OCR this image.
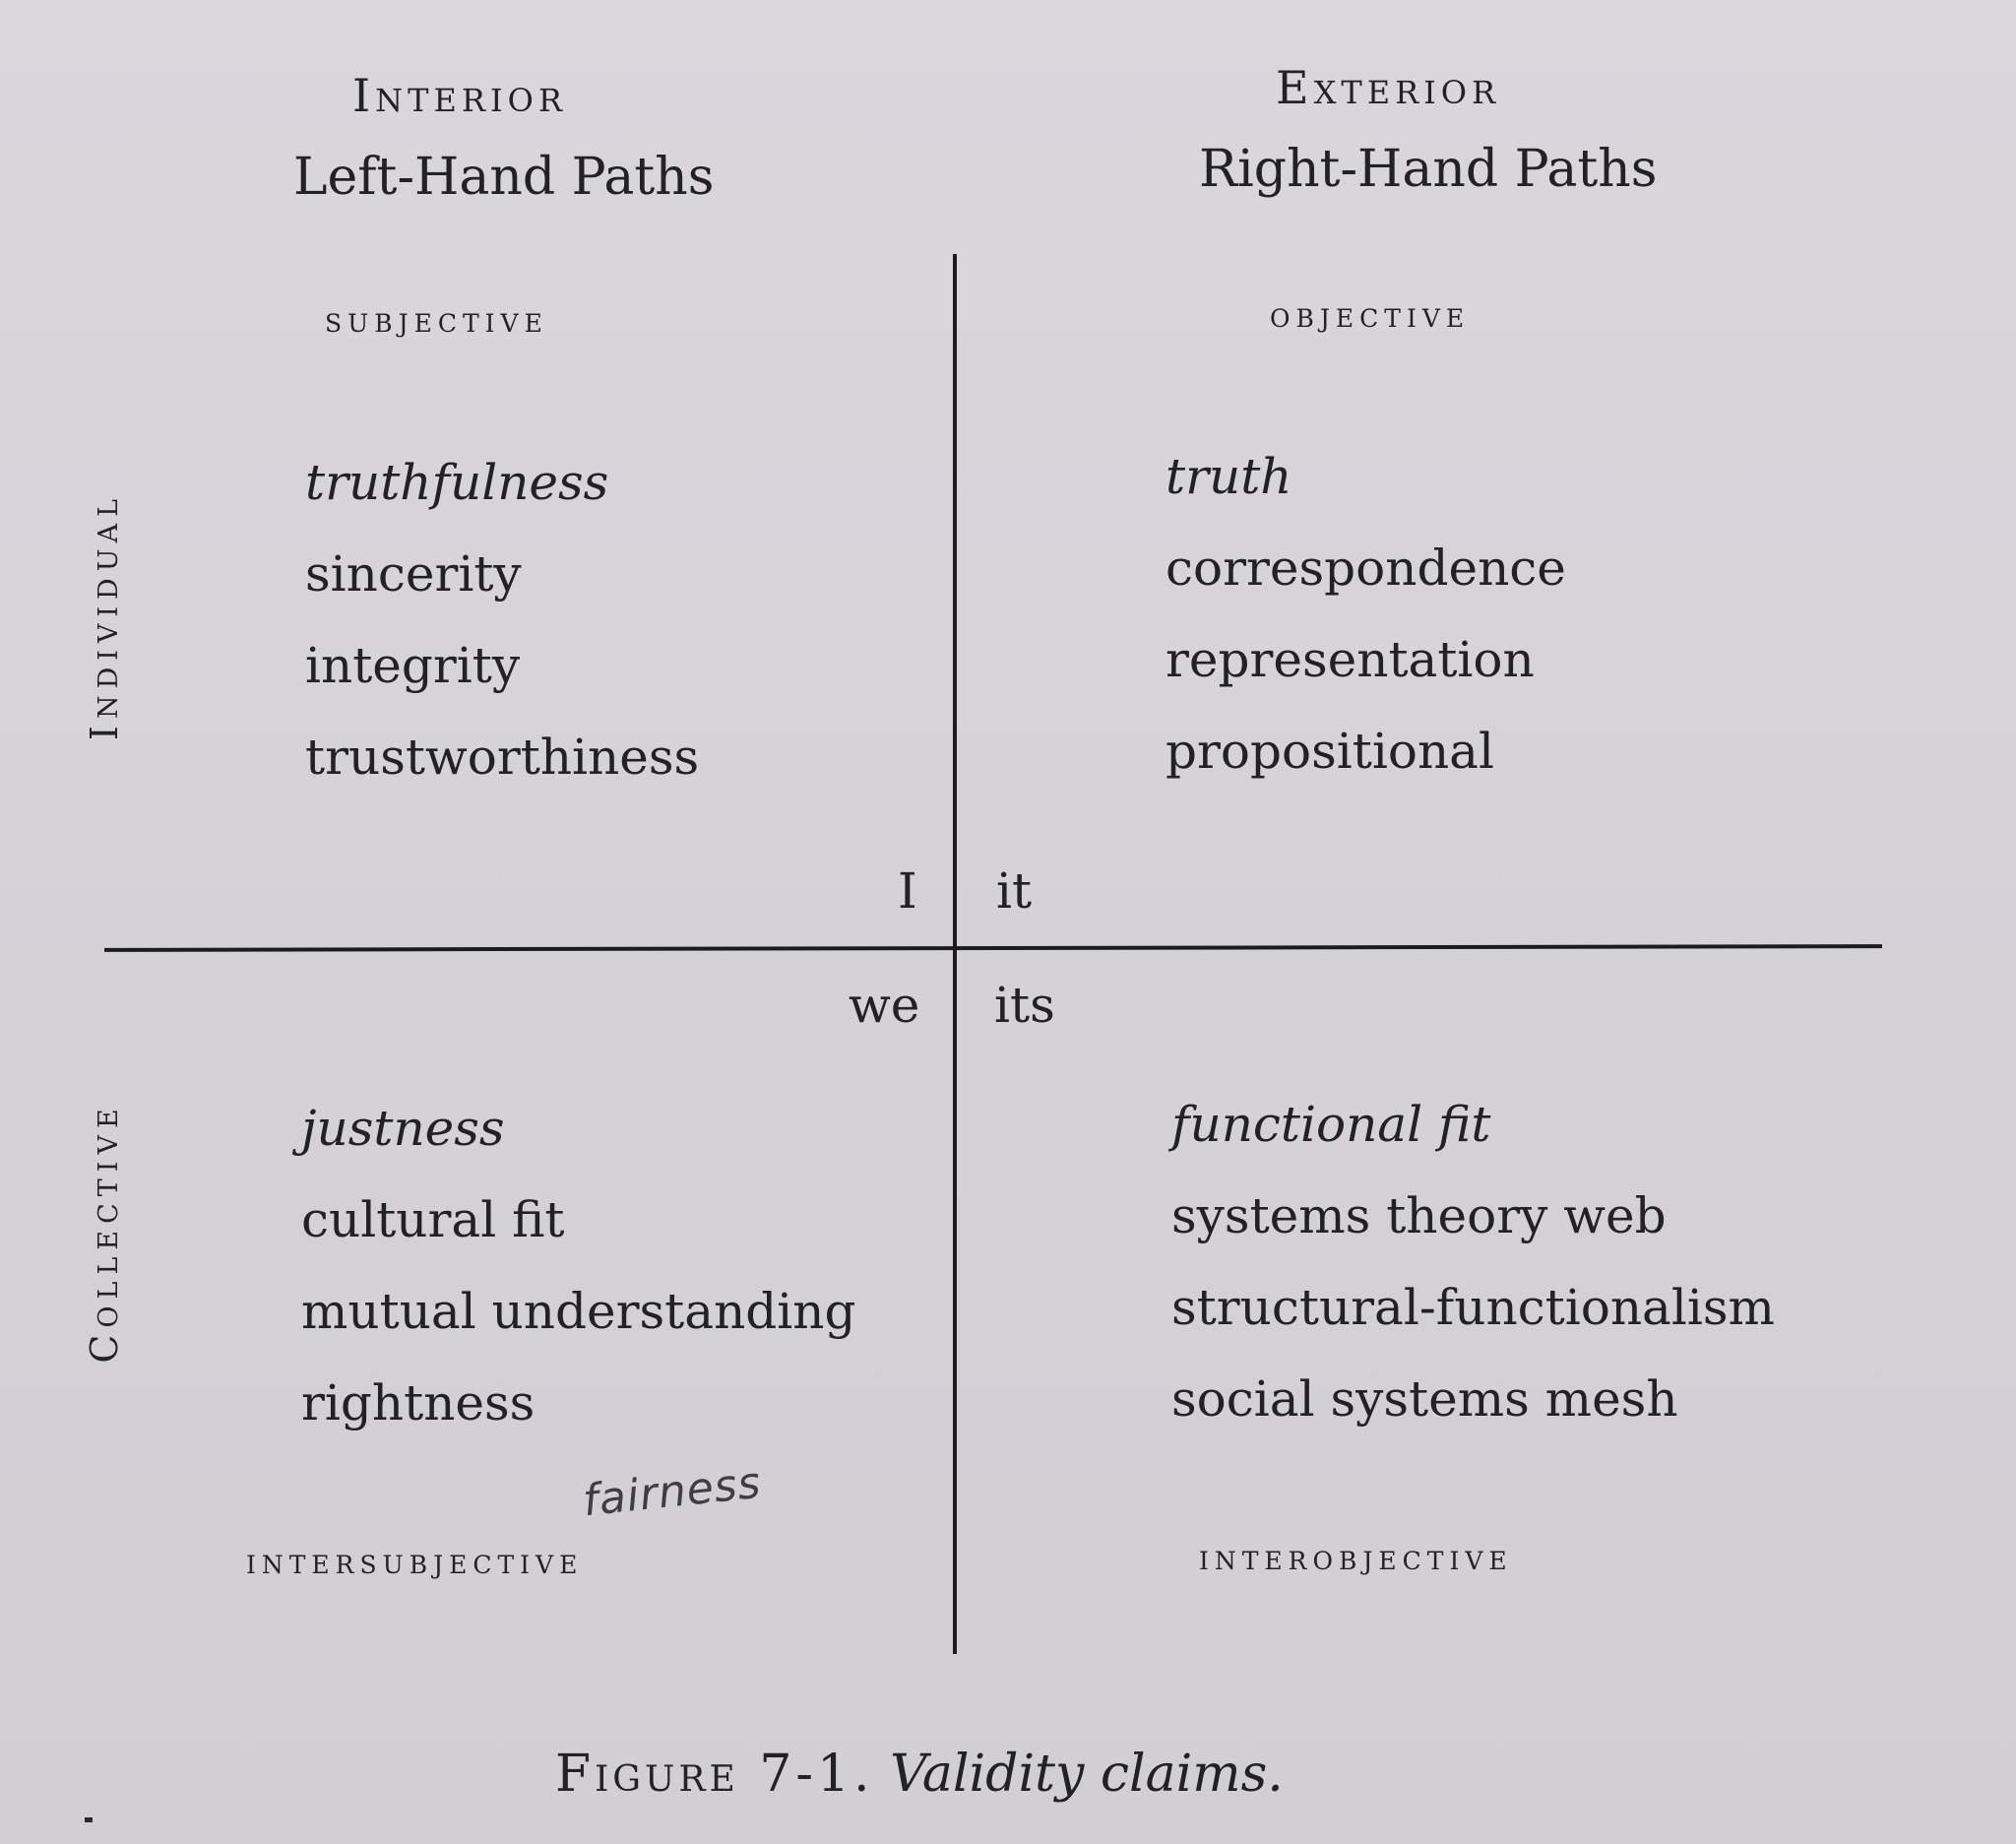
Interior
Left-Hand Paths
Exterior
Right-Hand Paths
Individual
Collective
subjective
truthfulness
sincerity
integrity
trustworthiness
I
objective
truth
correspondence
representation
propositional
it
we
justness
cultural fit
mutual understanding
rightness
fairness
intersubjective
its
functional fit
systems theory web
structural-functionalism
social systems mesh
interobjective
Figure 7-1. Validity claims.
